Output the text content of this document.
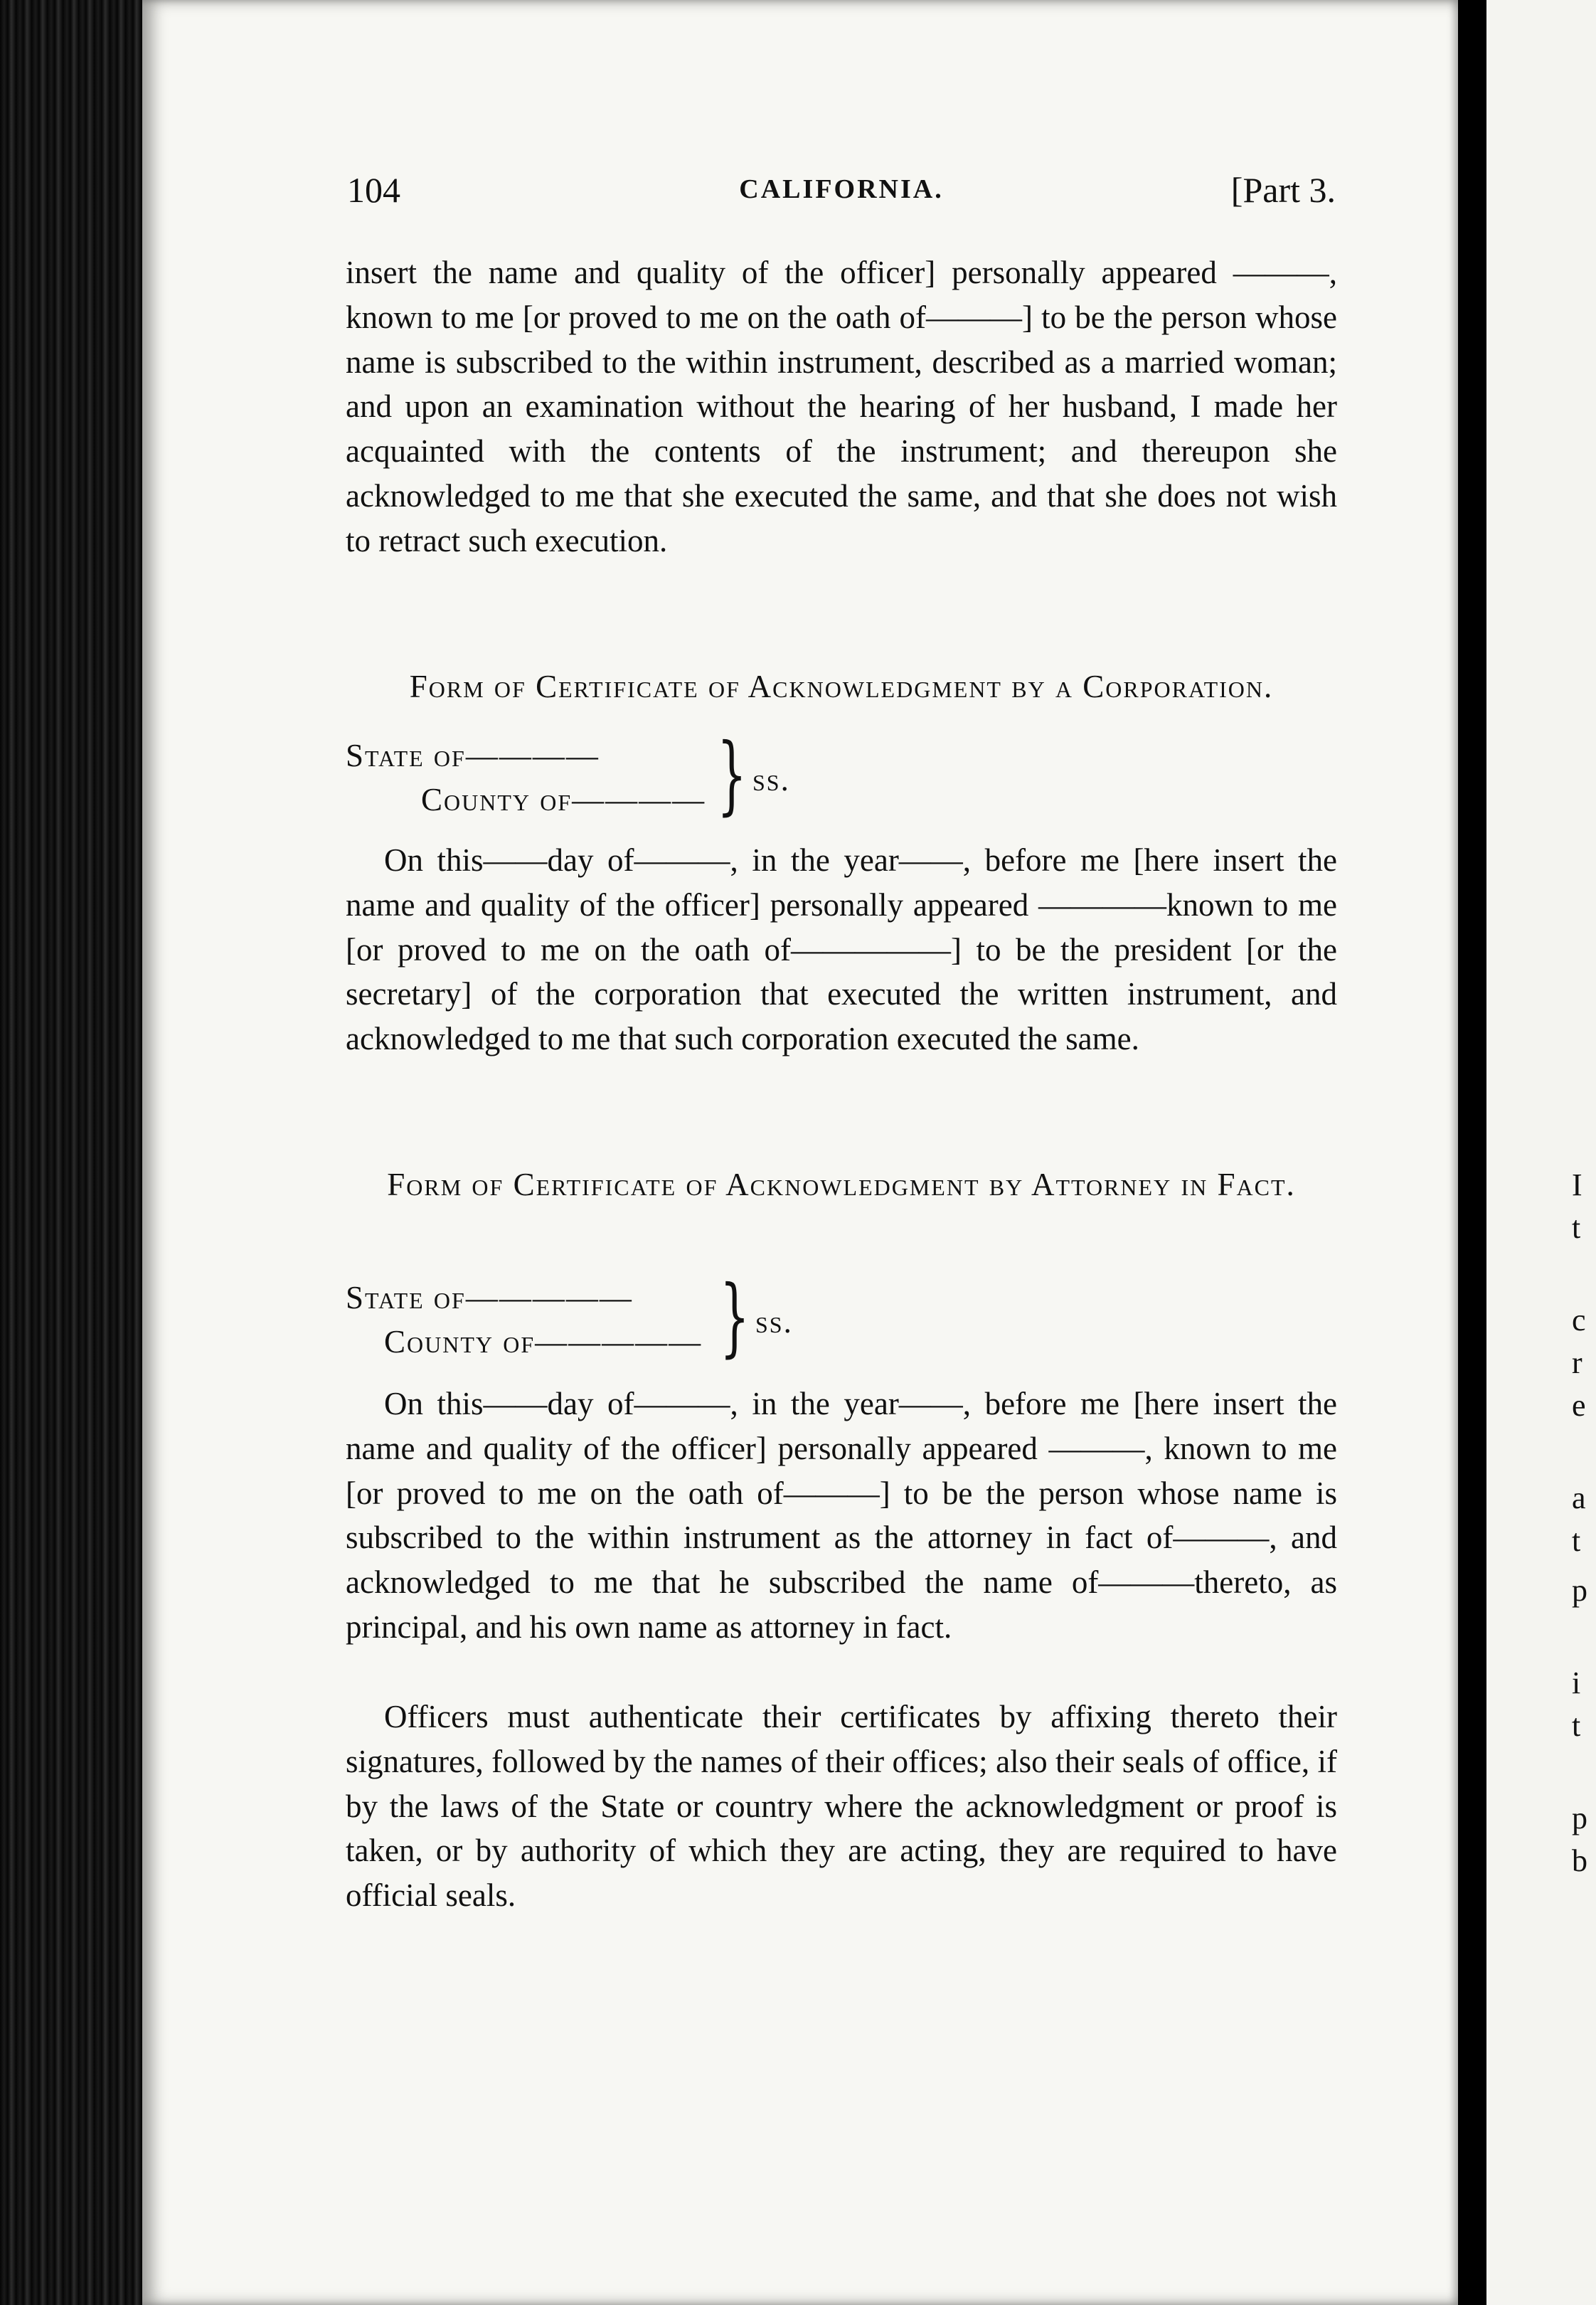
I
t
c
r
e
a
t
p
i
t
p
b
104	CALIFORNIA.	[Part 3.
insert the name and quality of the officer] personally appeared ———, known to me [or proved to me on the oath of———] to be the person whose name is subscribed to the within instrument, described as a married woman; and upon an examination without the hearing of her husband, I made her acquainted with the contents of the instrument; and thereupon she acknowledged to me that she executed the same, and that she does not wish to retract such execution.
Form of Certificate of Acknowledgment by a Corporation.
State of————
County of———— } ss.
On this——day of———, in the year——, before me [here insert the name and quality of the officer] personally appeared ————known to me [or proved to me on the oath of—————] to be the president [or the secretary] of the corporation that executed the written instrument, and acknowledged to me that such corporation executed the same.
Form of Certificate of Acknowledgment by Attorney in Fact.
State of—————
County of————— } ss.
On this——day of———, in the year——, before me [here insert the name and quality of the officer] personally appeared ———, known to me [or proved to me on the oath of———] to be the person whose name is subscribed to the within instrument as the attorney in fact of———, and acknowledged to me that he subscribed the name of———thereto, as principal, and his own name as attorney in fact.
Officers must authenticate their certificates by affixing thereto their signatures, followed by the names of their offices; also their seals of office, if by the laws of the State or country where the acknowledgment or proof is taken, or by authority of which they are acting, they are required to have official seals.
